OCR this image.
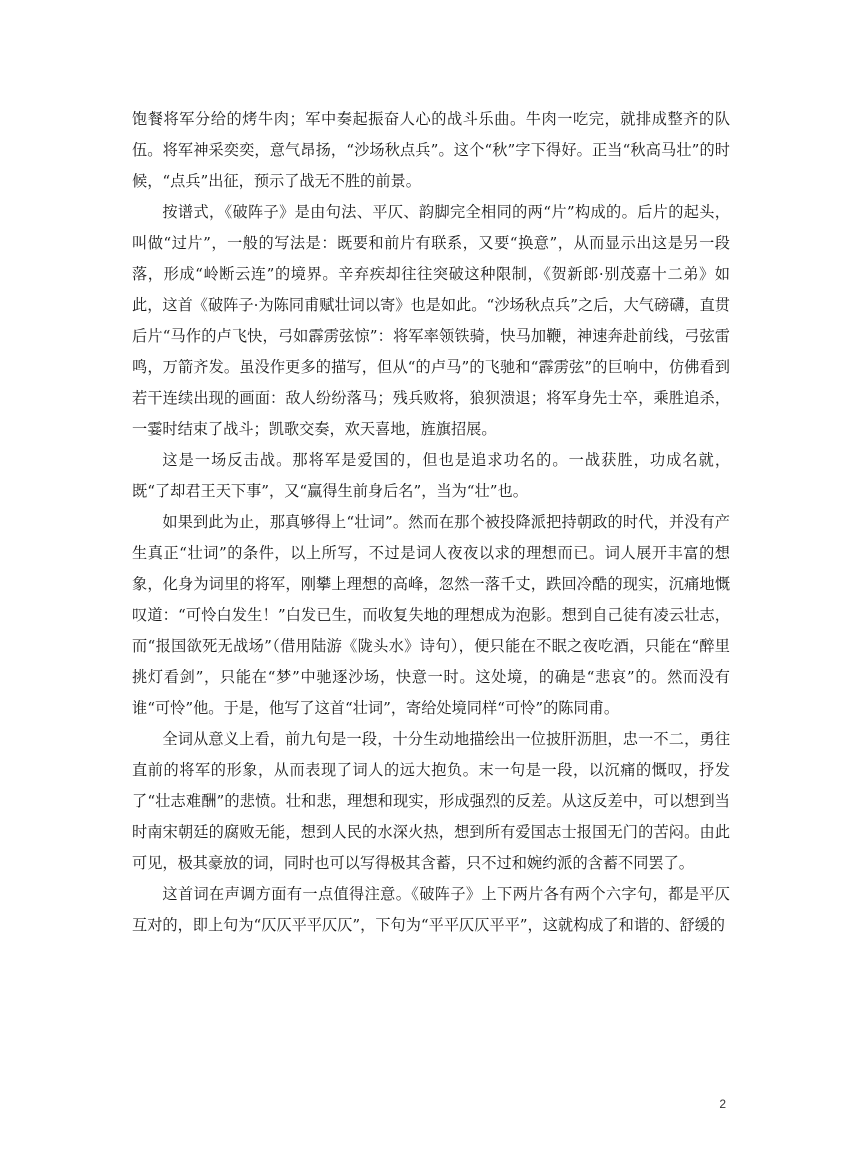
饱餐将军分给的烤牛肉；军中奏起振奋人心的战斗乐曲。牛肉一吃完，就排成整齐的队伍。将军神采奕奕，意气昂扬，“沙场秋点兵”。这个“秋”字下得好。正当“秋高马壮”的时候，“点兵”出征，预示了战无不胜的前景。

按谱式，《破阵子》是由句法、平仄、韵脚完全相同的两“片”构成的。后片的起头，叫做“过片”，一般的写法是：既要和前片有联系，又要“换意”，从而显示出这是另一段落，形成“岭断云连”的境界。辛弃疾却往往突破这种限制，《贺新郎·别茂嘉十二弟》如此，这首《破阵子·为陈同甫赋壮词以寄》也是如此。“沙场秋点兵”之后，大气磅礴，直贯后片“马作的卢飞快，弓如霹雳弦惊”：将军率领铁骑，快马加鞭，神速奔赴前线，弓弦雷鸣，万箭齐发。虽没作更多的描写，但从“的卢马”的飞驰和“霹雳弦”的巨响中，仿佛看到若干连续出现的画面：敌人纷纷落马；残兵败将，狼狈溃退；将军身先士卒，乘胜追杀，一霎时结束了战斗；凯歌交奏，欢天喜地，旌旗招展。

这是一场反击战。那将军是爱国的，但也是追求功名的。一战获胜，功成名就，既“了却君王天下事”，又“赢得生前身后名”，当为“壮”也。

如果到此为止，那真够得上“壮词”。然而在那个被投降派把持朝政的时代，并没有产生真正“壮词”的条件，以上所写，不过是词人夜夜以求的理想而已。词人展开丰富的想象，化身为词里的将军，刚攀上理想的高峰，忽然一落千丈，跌回冷酷的现实，沉痛地慨叹道：“可怜白发生！”白发已生，而收复失地的理想成为泡影。想到自己徒有凌云壮志，而“报国欲死无战场”（借用陆游《陇头水》诗句），便只能在不眠之夜吃酒，只能在“醉里挑灯看剑”，只能在“梦”中驰逐沙场，快意一时。这处境，的确是“悲哀”的。然而没有谁“可怜”他。于是，他写了这首“壮词”，寄给处境同样“可怜”的陈同甫。

全词从意义上看，前九句是一段，十分生动地描绘出一位披肝沥胆，忠一不二，勇往直前的将军的形象，从而表现了词人的远大抱负。末一句是一段，以沉痛的慨叹，抒发了“壮志难酬”的悲愤。壮和悲，理想和现实，形成强烈的反差。从这反差中，可以想到当时南宋朝廷的腐败无能，想到人民的水深火热，想到所有爱国志士报国无门的苦闷。由此可见，极其豪放的词，同时也可以写得极其含蓄，只不过和婉约派的含蓄不同罢了。

这首词在声调方面有一点值得注意。《破阵子》上下两片各有两个六字句，都是平仄互对的，即上句为“仄仄平平仄仄”，下句为“平平仄仄平平”，这就构成了和谐的、舒缓的

2
